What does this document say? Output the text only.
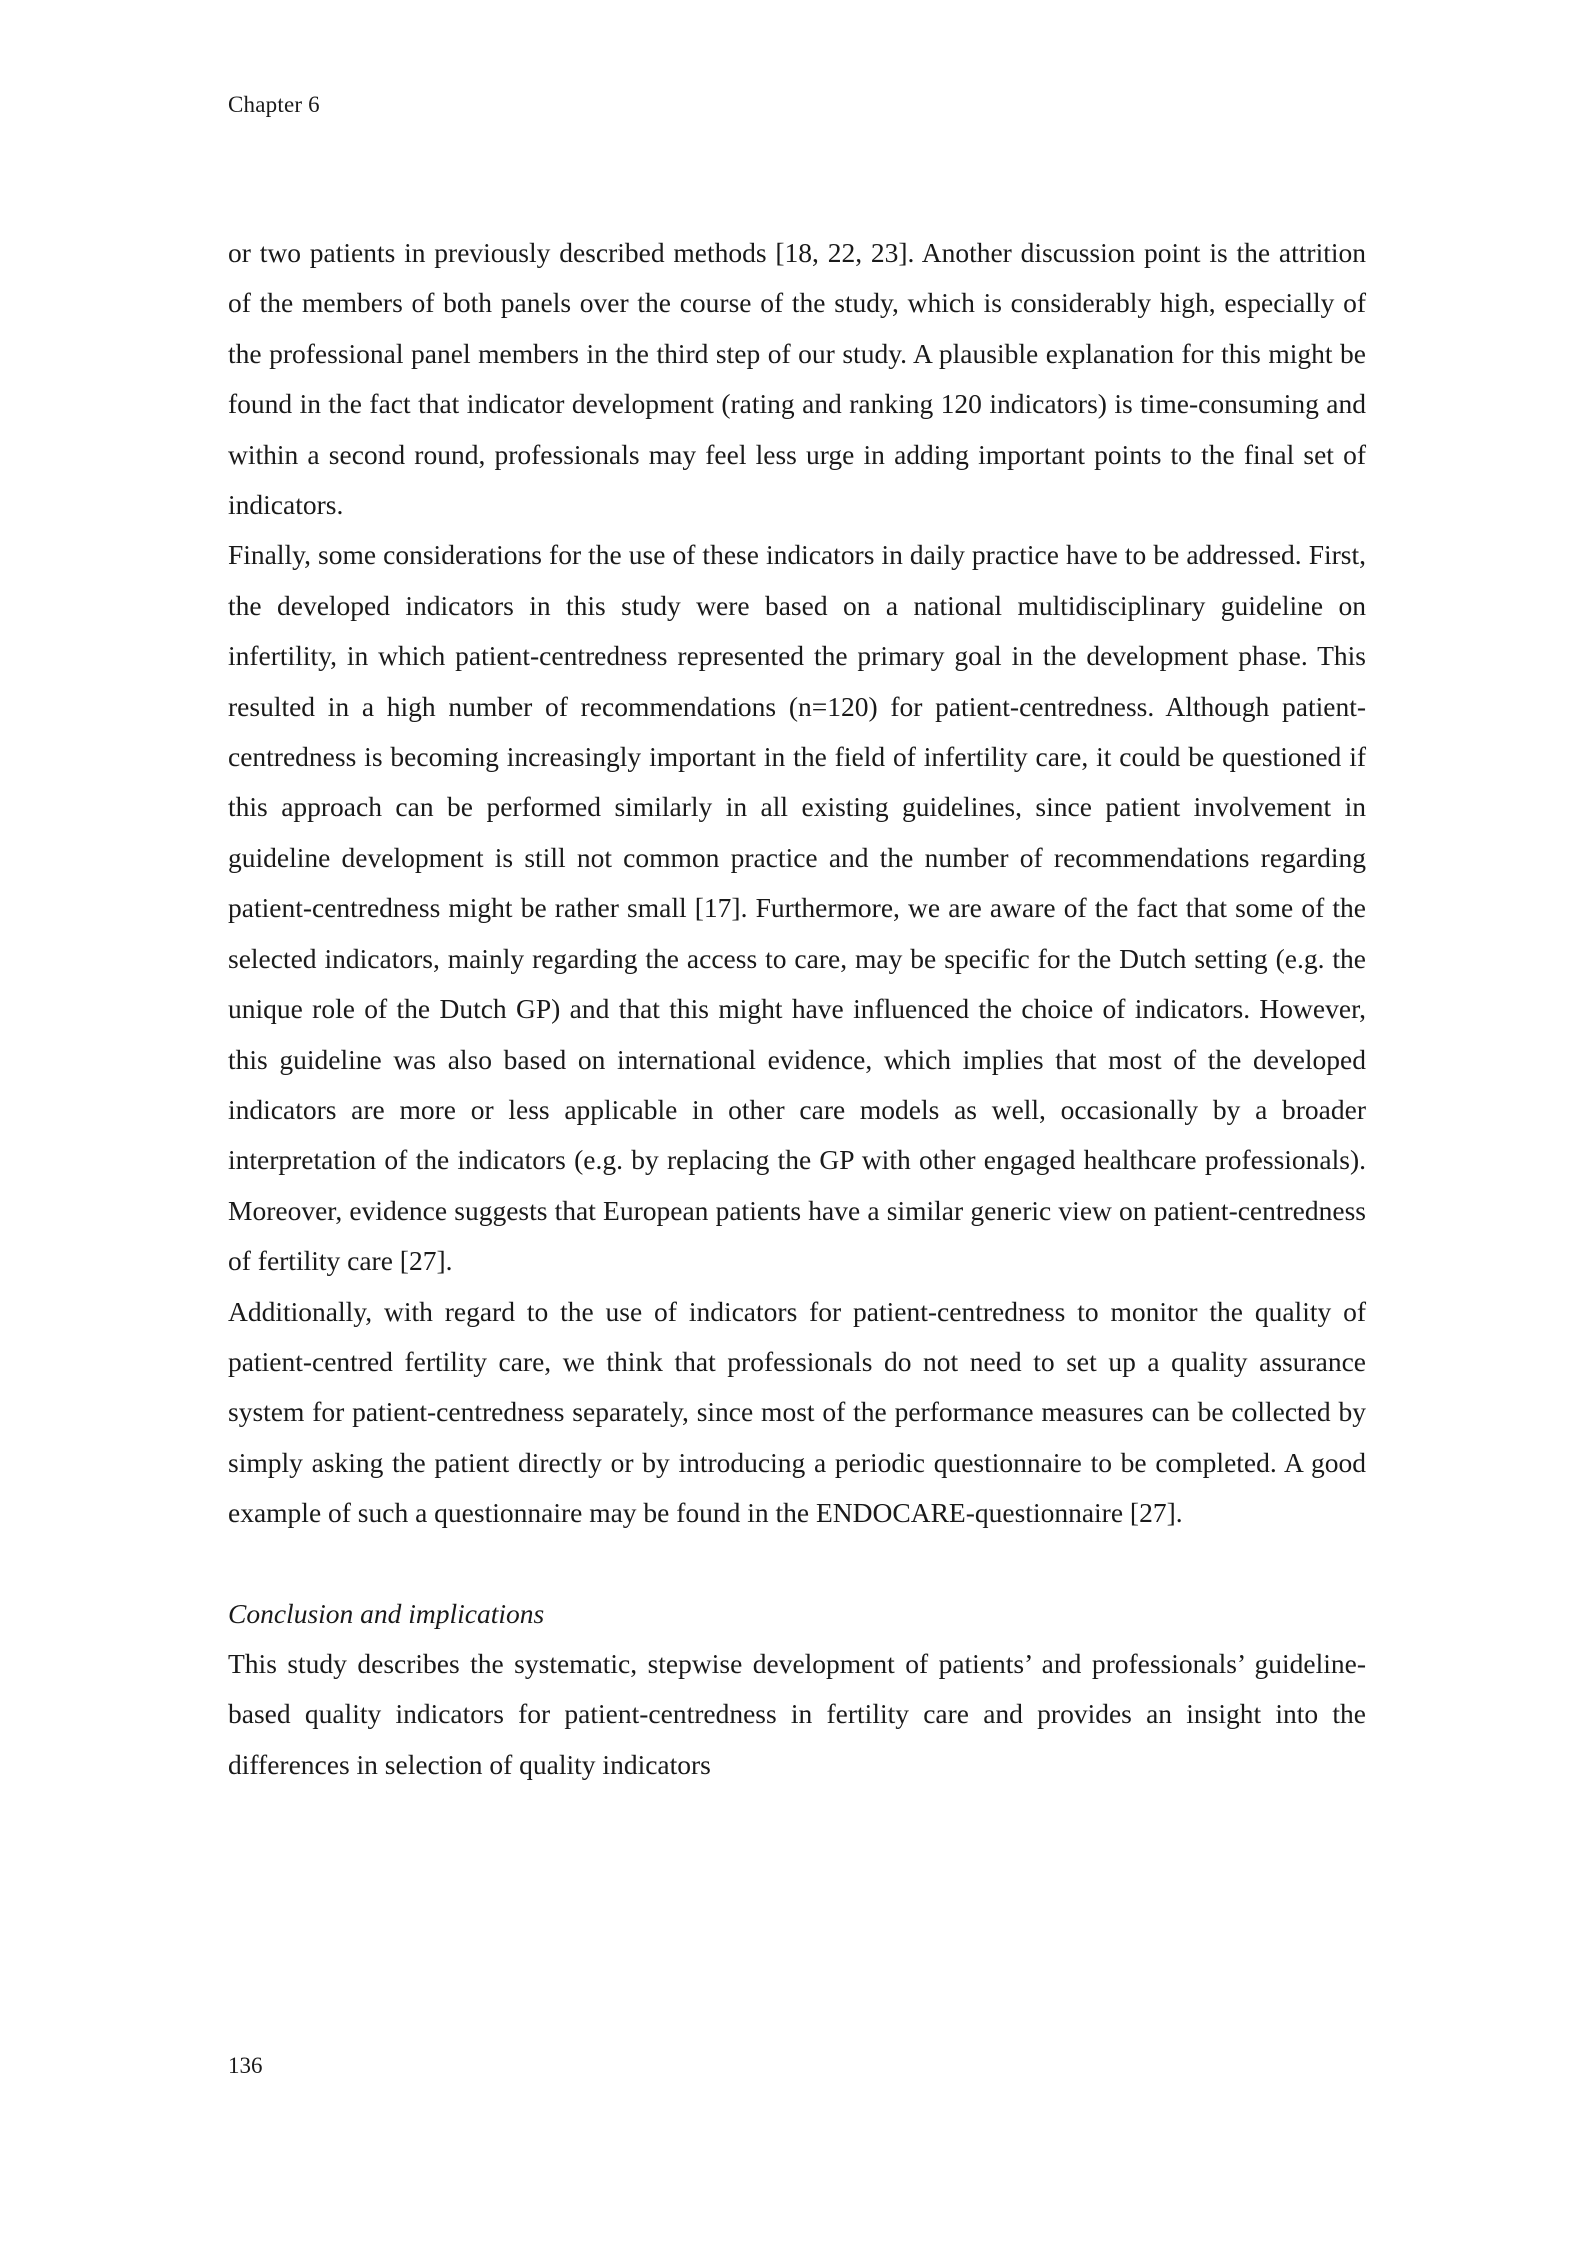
Chapter 6

or two patients in previously described methods [18, 22, 23]. Another discussion point is the attrition of the members of both panels over the course of the study, which is considerably high, especially of the professional panel members in the third step of our study. A plausible explanation for this might be found in the fact that indicator development (rating and ranking 120 indicators) is time-consuming and within a second round, professionals may feel less urge in adding important points to the final set of indicators.

Finally, some considerations for the use of these indicators in daily practice have to be addressed. First, the developed indicators in this study were based on a national multidisciplinary guideline on infertility, in which patient-centredness represented the primary goal in the development phase. This resulted in a high number of recommendations (n=120) for patient-centredness. Although patient-centredness is becoming increasingly important in the field of infertility care, it could be questioned if this approach can be performed similarly in all existing guidelines, since patient involvement in guideline development is still not common practice and the number of recommendations regarding patient-centredness might be rather small [17]. Furthermore, we are aware of the fact that some of the selected indicators, mainly regarding the access to care, may be specific for the Dutch setting (e.g. the unique role of the Dutch GP) and that this might have influenced the choice of indicators. However, this guideline was also based on international evidence, which implies that most of the developed indicators are more or less applicable in other care models as well, occasionally by a broader interpretation of the indicators (e.g. by replacing the GP with other engaged healthcare professionals). Moreover, evidence suggests that European patients have a similar generic view on patient-centredness of fertility care [27].

Additionally, with regard to the use of indicators for patient-centredness to monitor the quality of patient-centred fertility care, we think that professionals do not need to set up a quality assurance system for patient-centredness separately, since most of the performance measures can be collected by simply asking the patient directly or by introducing a periodic questionnaire to be completed. A good example of such a questionnaire may be found in the ENDOCARE-questionnaire [27].

Conclusion and implications

This study describes the systematic, stepwise development of patients’ and professionals’ guideline-based quality indicators for patient-centredness in fertility care and provides an insight into the differences in selection of quality indicators

136
